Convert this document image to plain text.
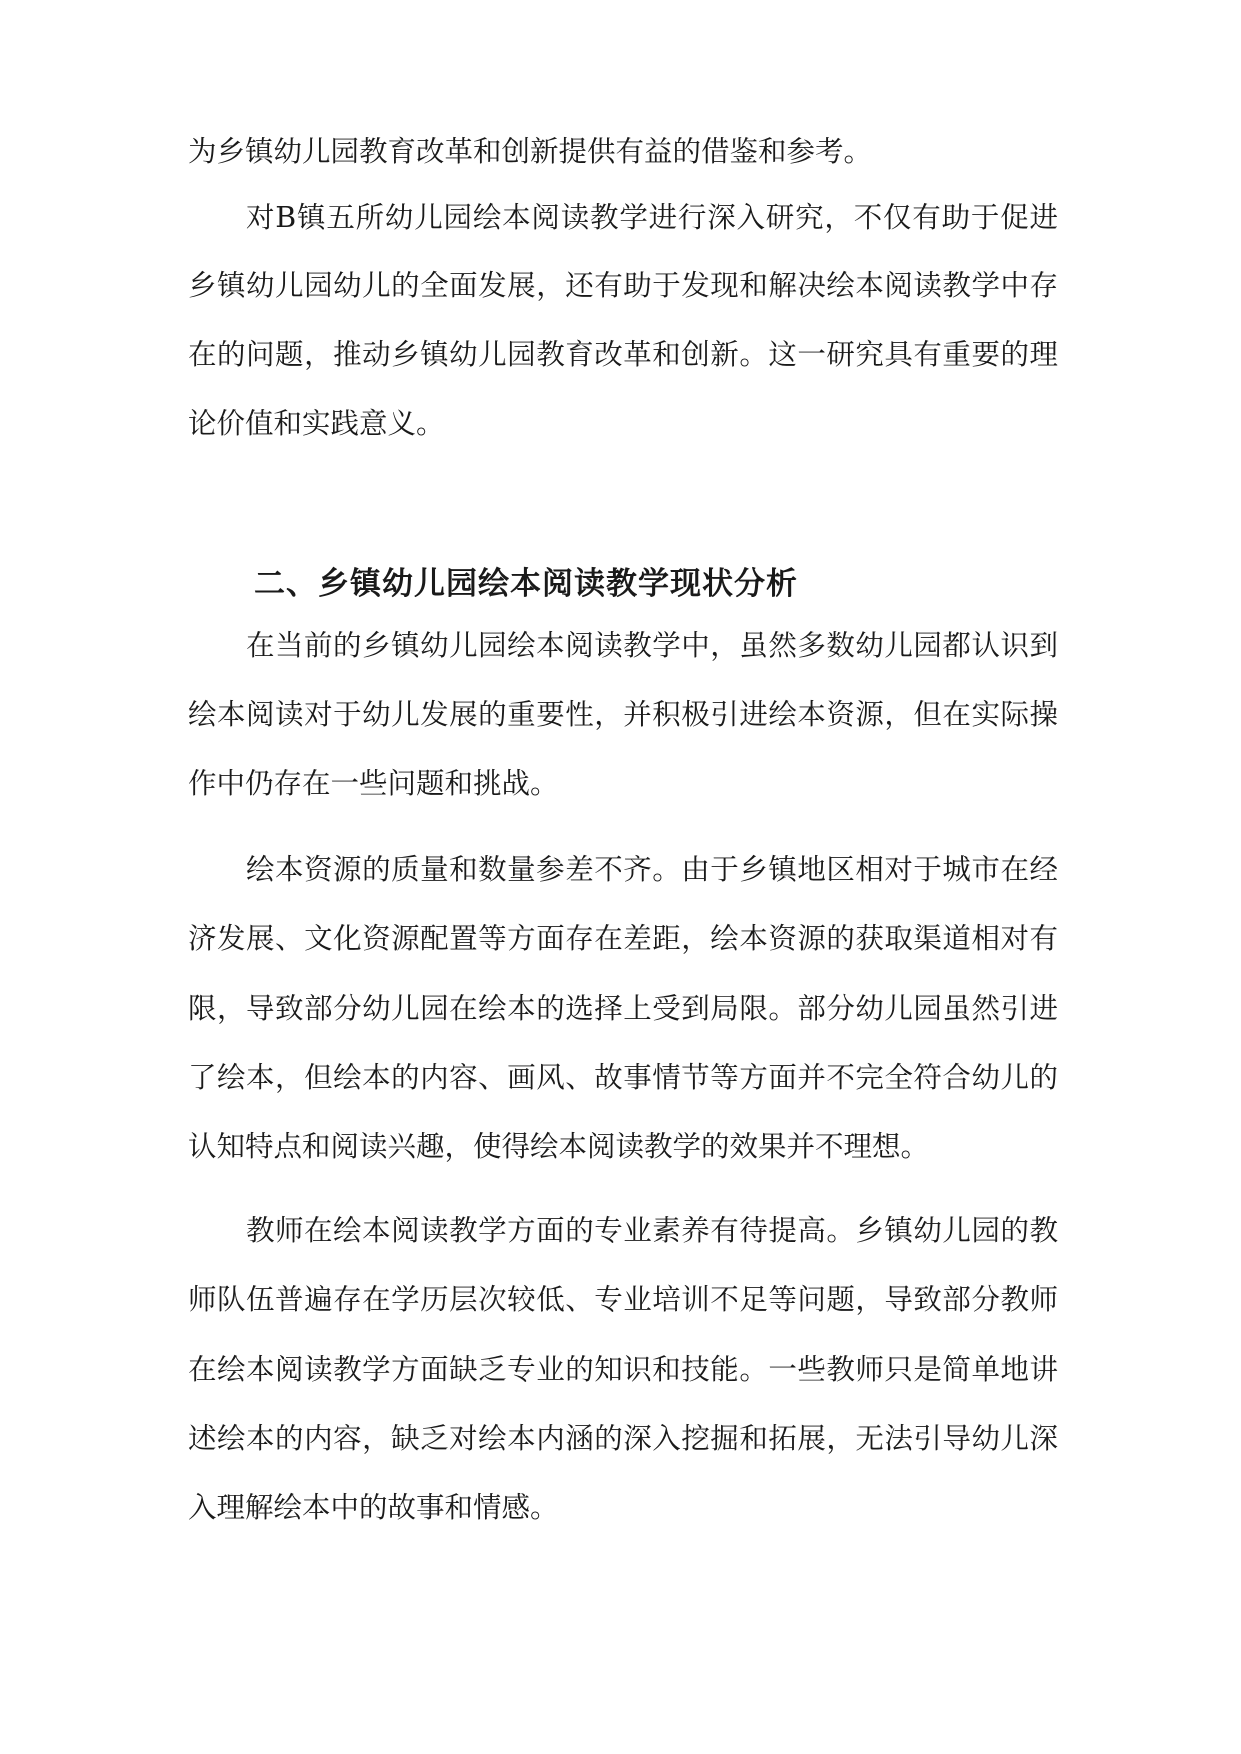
为乡镇幼儿园教育改革和创新提供有益的借鉴和参考。
对B镇五所幼儿园绘本阅读教学进行深入研究，不仅有助于促进
乡镇幼儿园幼儿的全面发展，还有助于发现和解决绘本阅读教学中存
在的问题，推动乡镇幼儿园教育改革和创新。这一研究具有重要的理
论价值和实践意义。
二、乡镇幼儿园绘本阅读教学现状分析
在当前的乡镇幼儿园绘本阅读教学中，虽然多数幼儿园都认识到
绘本阅读对于幼儿发展的重要性，并积极引进绘本资源，但在实际操
作中仍存在一些问题和挑战。
绘本资源的质量和数量参差不齐。由于乡镇地区相对于城市在经
济发展、文化资源配置等方面存在差距，绘本资源的获取渠道相对有
限，导致部分幼儿园在绘本的选择上受到局限。部分幼儿园虽然引进
了绘本，但绘本的内容、画风、故事情节等方面并不完全符合幼儿的
认知特点和阅读兴趣，使得绘本阅读教学的效果并不理想。
教师在绘本阅读教学方面的专业素养有待提高。乡镇幼儿园的教
师队伍普遍存在学历层次较低、专业培训不足等问题，导致部分教师
在绘本阅读教学方面缺乏专业的知识和技能。一些教师只是简单地讲
述绘本的内容，缺乏对绘本内涵的深入挖掘和拓展，无法引导幼儿深
入理解绘本中的故事和情感。
